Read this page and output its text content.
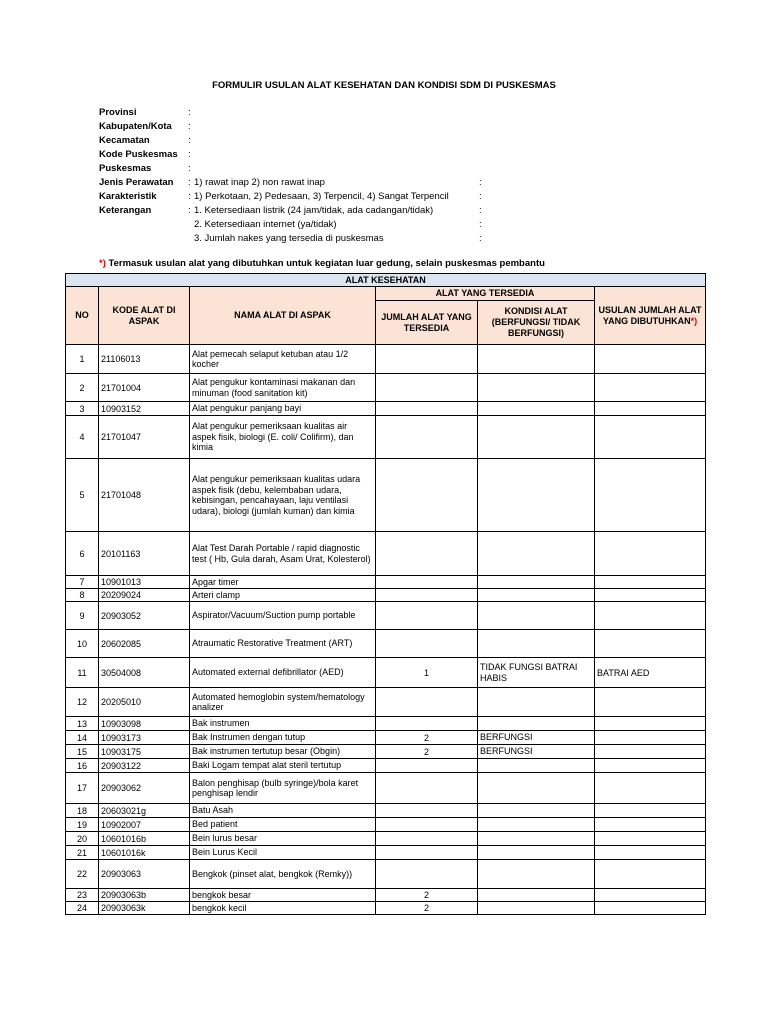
FORMULIR USULAN ALAT KESEHATAN DAN KONDISI SDM DI PUSKESMAS
Provinsi	:
Kabupaten/Kota :
Kecamatan	:
Kode Puskesmas :
Puskesmas	:
Jenis Perawatan : 1) rawat inap 2) non rawat inap	:
Karakteristik	: 1) Perkotaan, 2) Pedesaan, 3) Terpencil, 4) Sangat Terpencil	:
Keterangan	: 1. Ketersediaan listrik (24 jam/tidak, ada cadangan/tidak)	:
2. Ketersediaan internet (ya/tidak)	:
3. Jumlah nakes yang tersedia di puskesmas	:
*) Termasuk usulan alat yang dibutuhkan untuk kegiatan luar gedung, selain puskesmas pembantu
ALAT KESEHATAN					
NO	KODE ALAT DI ASPAK	NAMA ALAT DI ASPAK	ALAT YANG TERSEDIA		USULAN JUMLAH ALAT YANG DIBUTUHKAN*)
			JUMLAH ALAT YANG TERSEDIA	KONDISI ALAT (BERFUNGSI/ TIDAK BERFUNGSI)	
1	21106013	Alat pemecah selaput ketuban atau 1/2 kocher			
2	21701004	Alat pengukur kontaminasi makanan dan minuman (food sanitation kit)			
3	10903152	Alat pengukur panjang bayi			
4	21701047	Alat pengukur pemeriksaan kualitas air aspek fisik, biologi (E. coli/ Colifirm), dan kimia			
5	21701048	Alat pengukur pemeriksaan kualitas udara aspek fisik (debu, kelembaban udara, kebisingan, pencahayaan, laju ventilasi udara), biologi (jumlah kuman) dan kimia			
6	20101163	Alat Test Darah Portable / rapid diagnostic test ( Hb, Gula darah, Asam Urat, Kolesterol)			
7	10901013	Apgar timer			
8	20209024	Arteri clamp			
9	20903052	Aspirator/Vacuum/Suction pump portable			
10	20602085	Atraumatic Restorative Treatment (ART)			
11	30504008	Automated external defibrillator (AED)	1	TIDAK FUNGSI BATRAI HABIS	BATRAI AED
12	20205010	Automated hemoglobin system/hematology analizer			
13	10903098	Bak instrumen			
14	10903173	Bak Instrumen dengan tutup	2	BERFUNGSI	
15	10903175	Bak instrumen tertutup besar (Obgin)	2	BERFUNGSI	
16	20903122	Baki Logam tempat alat steril tertutup			
17	20903062	Balon penghisap (bulb syringe)/bola karet penghisap lendir			
18	20603021g	Batu Asah			
19	10902007	Bed patient			
20	10601016b	Bein lurus besar			
21	10601016k	Bein Lurus Kecil			
22	20903063	Bengkok (pinset alat, bengkok (Remky))			
23	20903063b	bengkok besar	2		
24	20903063k	bengkok kecil	2		
